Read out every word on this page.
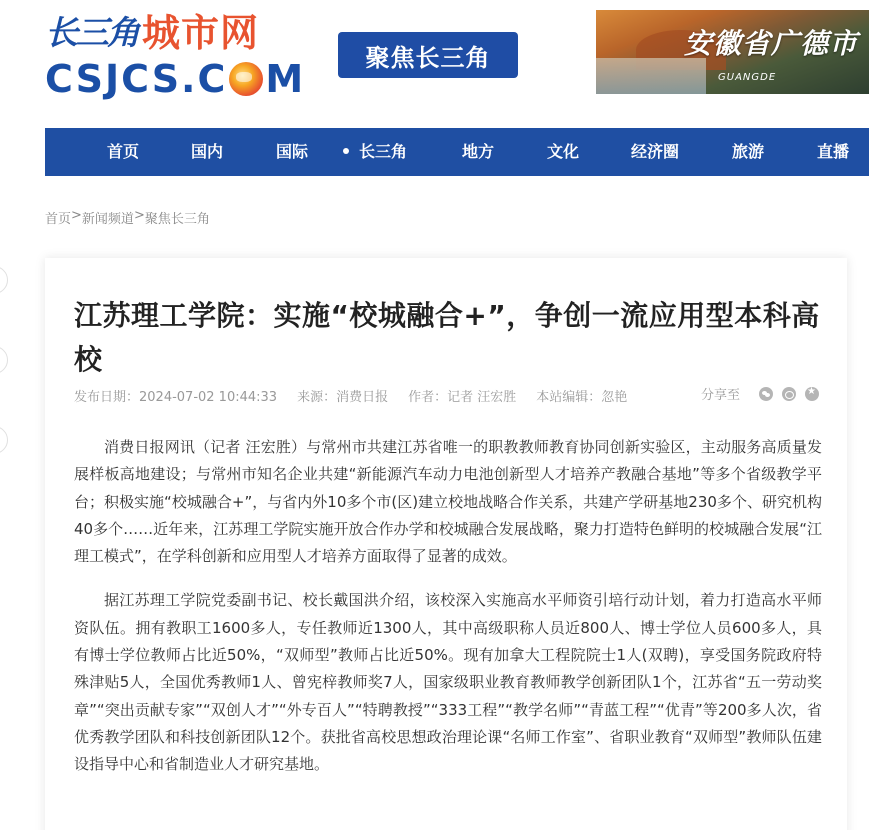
长三角 城市网
CSJCS.C M	聚焦长三角	安徽省广德市
GUANGDE
首页	国内	国际	长三角	地方	文化	经济圈	旅游	直播
首页 > 新闻频道 > 聚焦长三角
江苏理工学院：实施“校城融合+”，争创一流应用型本科高校
发布日期：2024-07-02 10:44:33 来源：消费日报 作者：记者 汪宏胜 本站编辑：忽艳	分享至
★

消费日报网讯（记者 汪宏胜）与常州市共建江苏省唯一的职教教师教育协同创新实验区，主动服务高质量发展样板高地建设；与常州市知名企业共建“新能源汽车动力电池创新型人才培养产教融合基地”等多个省级教学平台；积极实施“校城融合+”，与省内外10多个市(区)建立校地战略合作关系，共建产学研基地230多个、研究机构40多个……近年来，江苏理工学院实施开放合作办学和校城融合发展战略，聚力打造特色鲜明的校城融合发展“江理工模式”，在学科创新和应用型人才培养方面取得了显著的成效。

据江苏理工学院党委副书记、校长戴国洪介绍，该校深入实施高水平师资引培行动计划，着力打造高水平师资队伍。拥有教职工1600多人，专任教师近1300人，其中高级职称人员近800人、博士学位人员600多人，具有博士学位教师占比近50%，“双师型”教师占比近50%。现有加拿大工程院院士1人(双聘)，享受国务院政府特殊津贴5人，全国优秀教师1人、曾宪梓教师奖7人，国家级职业教育教师教学创新团队1个，江苏省“五一劳动奖章”“突出贡献专家”“双创人才”“外专百人”“特聘教授”“333工程”“教学名师”“青蓝工程”“优青”等200多人次，省优秀教学团队和科技创新团队12个。获批省高校思想政治理论课“名师工作室”、省职业教育“双师型”教师队伍建设指导中心和省制造业人才研究基地。
